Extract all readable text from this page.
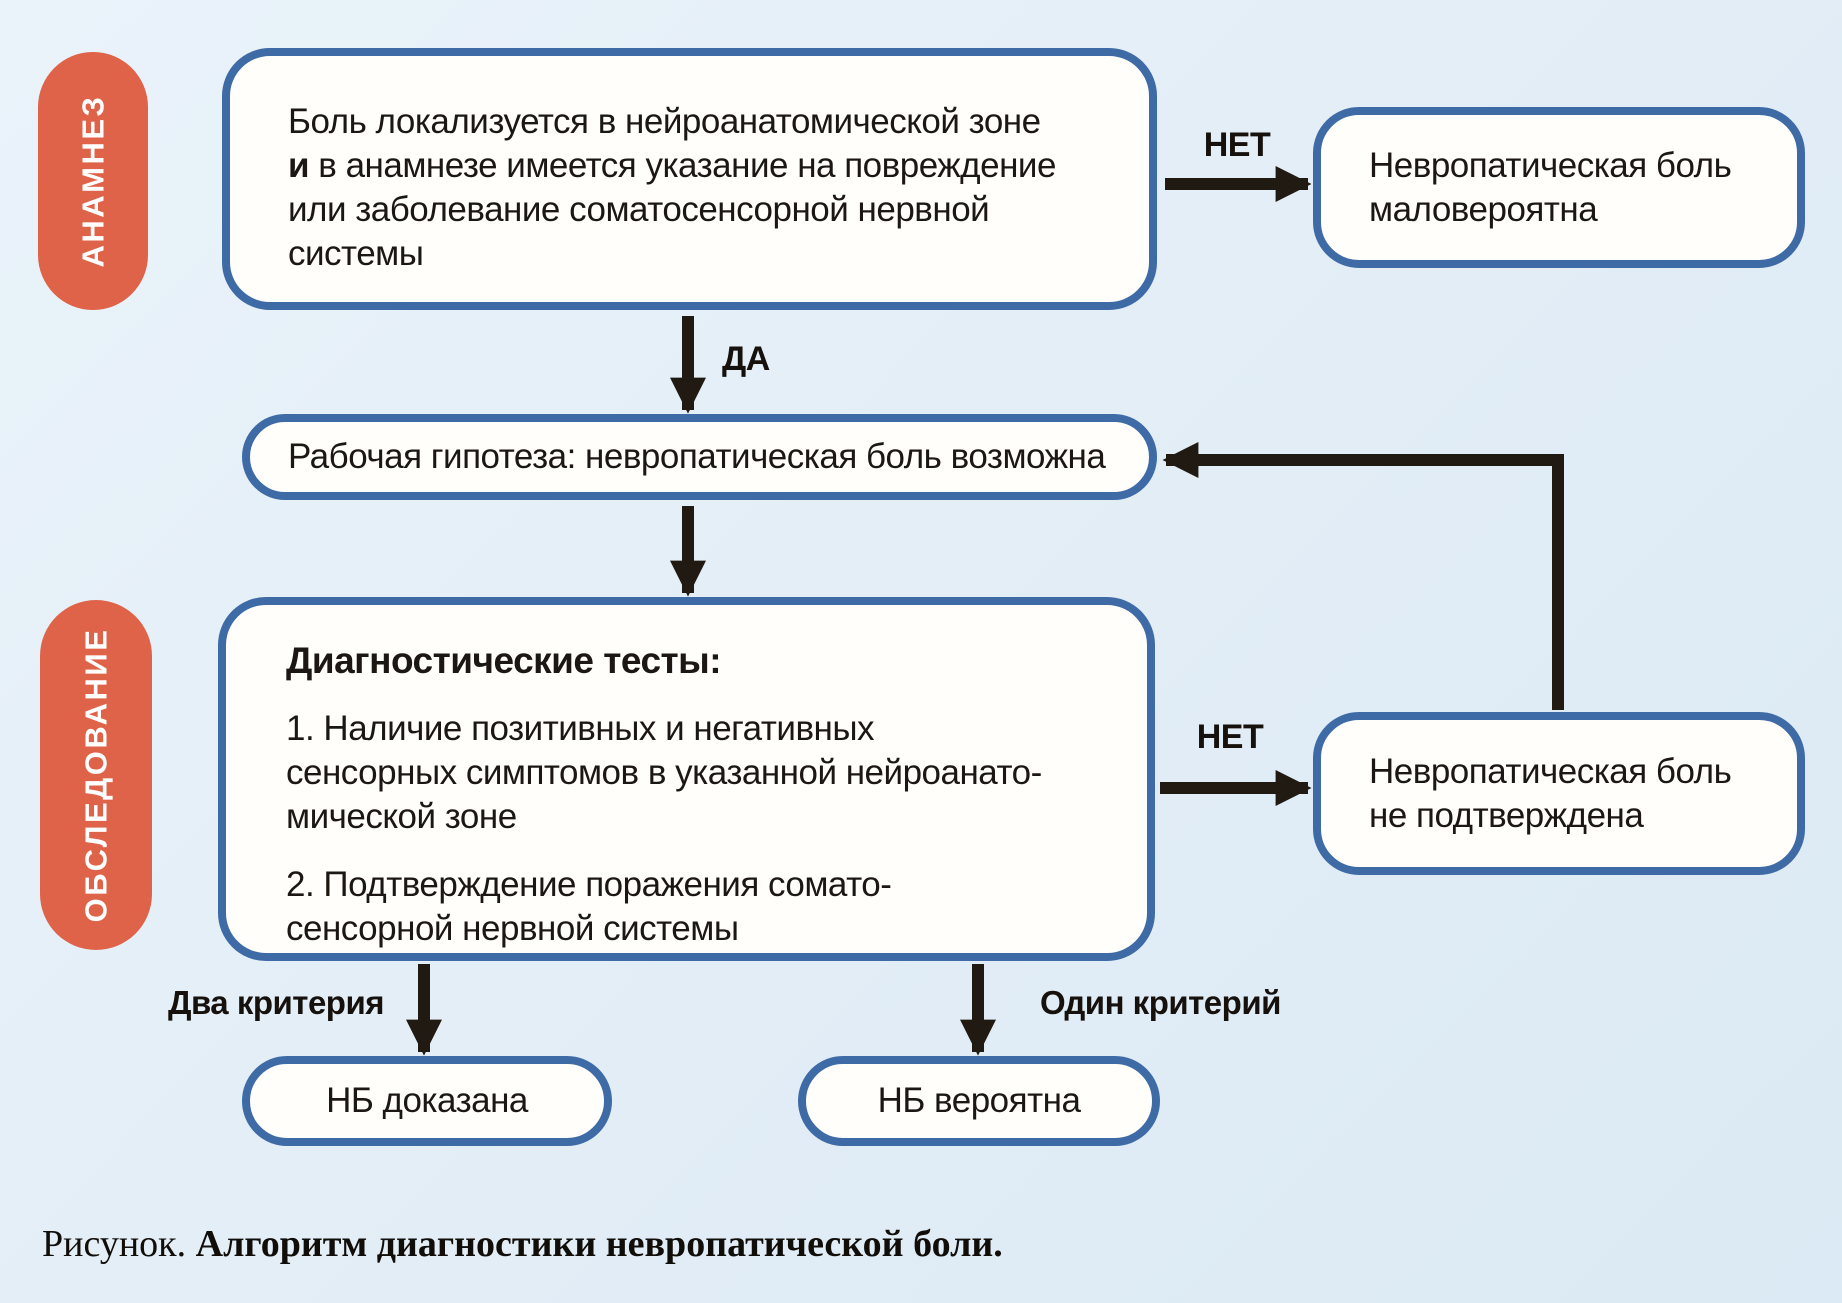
АНАМНЕЗ
ОБСЛЕДОВАНИЕ
Боль локализуется в нейроанатомической зоне
и в анамнезе имеется указание на повреждение
или заболевание соматосенсорной нервной
системы
Невропатическая боль
маловероятна
Рабочая гипотеза: невропатическая боль возможна
Диагностические тесты:

1. Наличие позитивных и негативных
сенсорных симптомов в указанной нейроанато-
мической зоне

2. Подтверждение поражения сомато-
сенсорной нервной системы

Невропатическая боль
не подтверждена
НБ доказана	НБ вероятна
НЕТ
ДА
НЕТ
Два критерия	Один критерий
Рисунок. Алгоритм диагностики невропатической боли.
